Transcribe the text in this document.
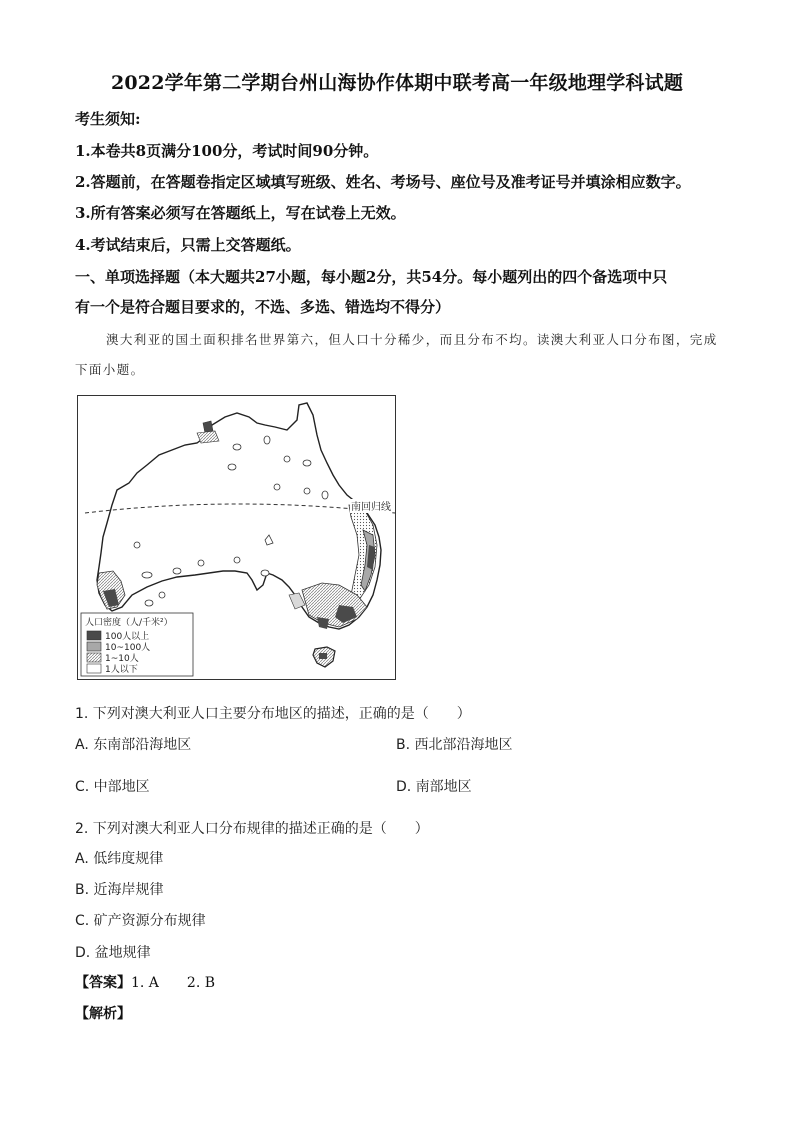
2022学年第二学期台州山海协作体期中联考高一年级地理学科试题
考生须知:
1.本卷共8页满分100分，考试时间90分钟。
2.答题前，在答题卷指定区域填写班级、姓名、考场号、座位号及准考证号并填涂相应数字。
3.所有答案必须写在答题纸上，写在试卷上无效。
4.考试结束后，只需上交答题纸。
一、单项选择题（本大题共27小题，每小题2分，共54分。每小题列出的四个备选项中只
有一个是符合题目要求的，不选、多选、错选均不得分）
澳大利亚的国土面积排名世界第六，但人口十分稀少，而且分布不均。读澳大利亚人口分布图，完成
下面小题。
南回归线
人口密度（人/千米²）
100人以上
10~100人
1~10人
1人以下
1. 下列对澳大利亚人口主要分布地区的描述，正确的是（　　）
A. 东南部沿海地区	B. 西北部沿海地区
C. 中部地区	D. 南部地区
2. 下列对澳大利亚人口分布规律的描述正确的是（　　）
A. 低纬度规律
B. 近海岸规律
C. 矿产资源分布规律
D. 盆地规律
【答案】1. A　　2. B
【解析】
